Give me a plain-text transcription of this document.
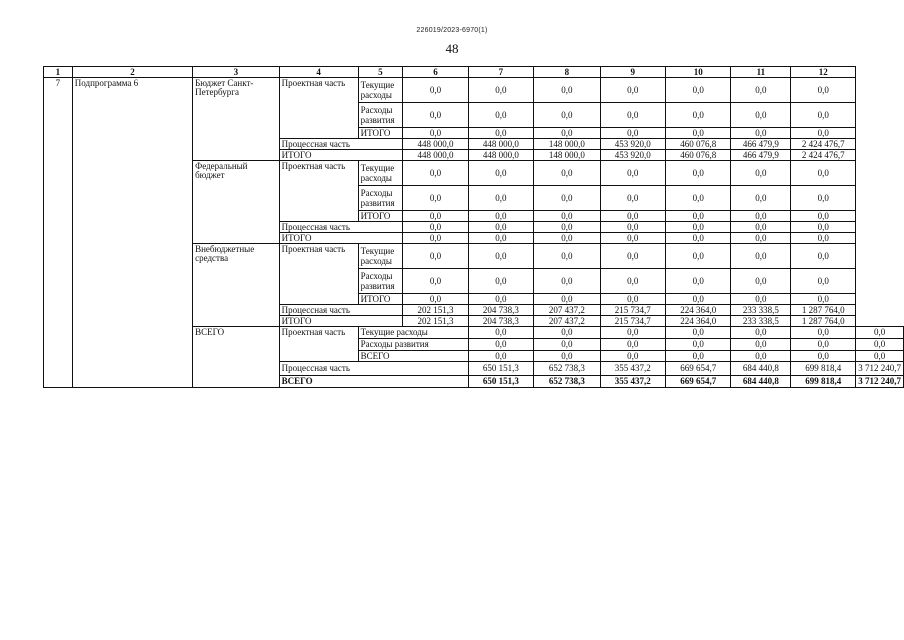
226019/2023-6970(1)
48
1	2	3	4	5	6	7	8	9	10	11	12	
7	Подпрограмма 6	Бюджет Санкт-Петербурга	Проектная часть	Текущие расходы	0,0	0,0	0,0	0,0	0,0	0,0	0,0	
				Расходы развития	0,0	0,0	0,0	0,0	0,0	0,0	0,0	
				ИТОГО	0,0	0,0	0,0	0,0	0,0	0,0	0,0	
			Процессная часть		448 000,0	448 000,0	148 000,0	453 920,0	460 076,8	466 479,9	2 424 476,7	
			ИТОГО		448 000,0	448 000,0	148 000,0	453 920,0	460 076,8	466 479,9	2 424 476,7	
		Федеральный бюджет	Проектная часть	Текущие расходы	0,0	0,0	0,0	0,0	0,0	0,0	0,0	
				Расходы развития	0,0	0,0	0,0	0,0	0,0	0,0	0,0	
				ИТОГО	0,0	0,0	0,0	0,0	0,0	0,0	0,0	
			Процессная часть		0,0	0,0	0,0	0,0	0,0	0,0	0,0	
			ИТОГО		0,0	0,0	0,0	0,0	0,0	0,0	0,0	
		Внебюджетные средства	Проектная часть	Текущие расходы	0,0	0,0	0,0	0,0	0,0	0,0	0,0	
				Расходы развития	0,0	0,0	0,0	0,0	0,0	0,0	0,0	
				ИТОГО	0,0	0,0	0,0	0,0	0,0	0,0	0,0	
			Процессная часть		202 151,3	204 738,3	207 437,2	215 734,7	224 364,0	233 338,5	1 287 764,0	
			ИТОГО		202 151,3	204 738,3	207 437,2	215 734,7	224 364,0	233 338,5	1 287 764,0	
		ВСЕГО	Проектная часть	Текущие расходы		0,0	0,0	0,0	0,0	0,0	0,0	0,0
				Расходы развития		0,0	0,0	0,0	0,0	0,0	0,0	0,0
				ВСЕГО		0,0	0,0	0,0	0,0	0,0	0,0	0,0
			Процессная часть			650 151,3	652 738,3	355 437,2	669 654,7	684 440,8	699 818,4	3 712 240,7
			ВСЕГО			650 151,3	652 738,3	355 437,2	669 654,7	684 440,8	699 818,4	3 712 240,7
